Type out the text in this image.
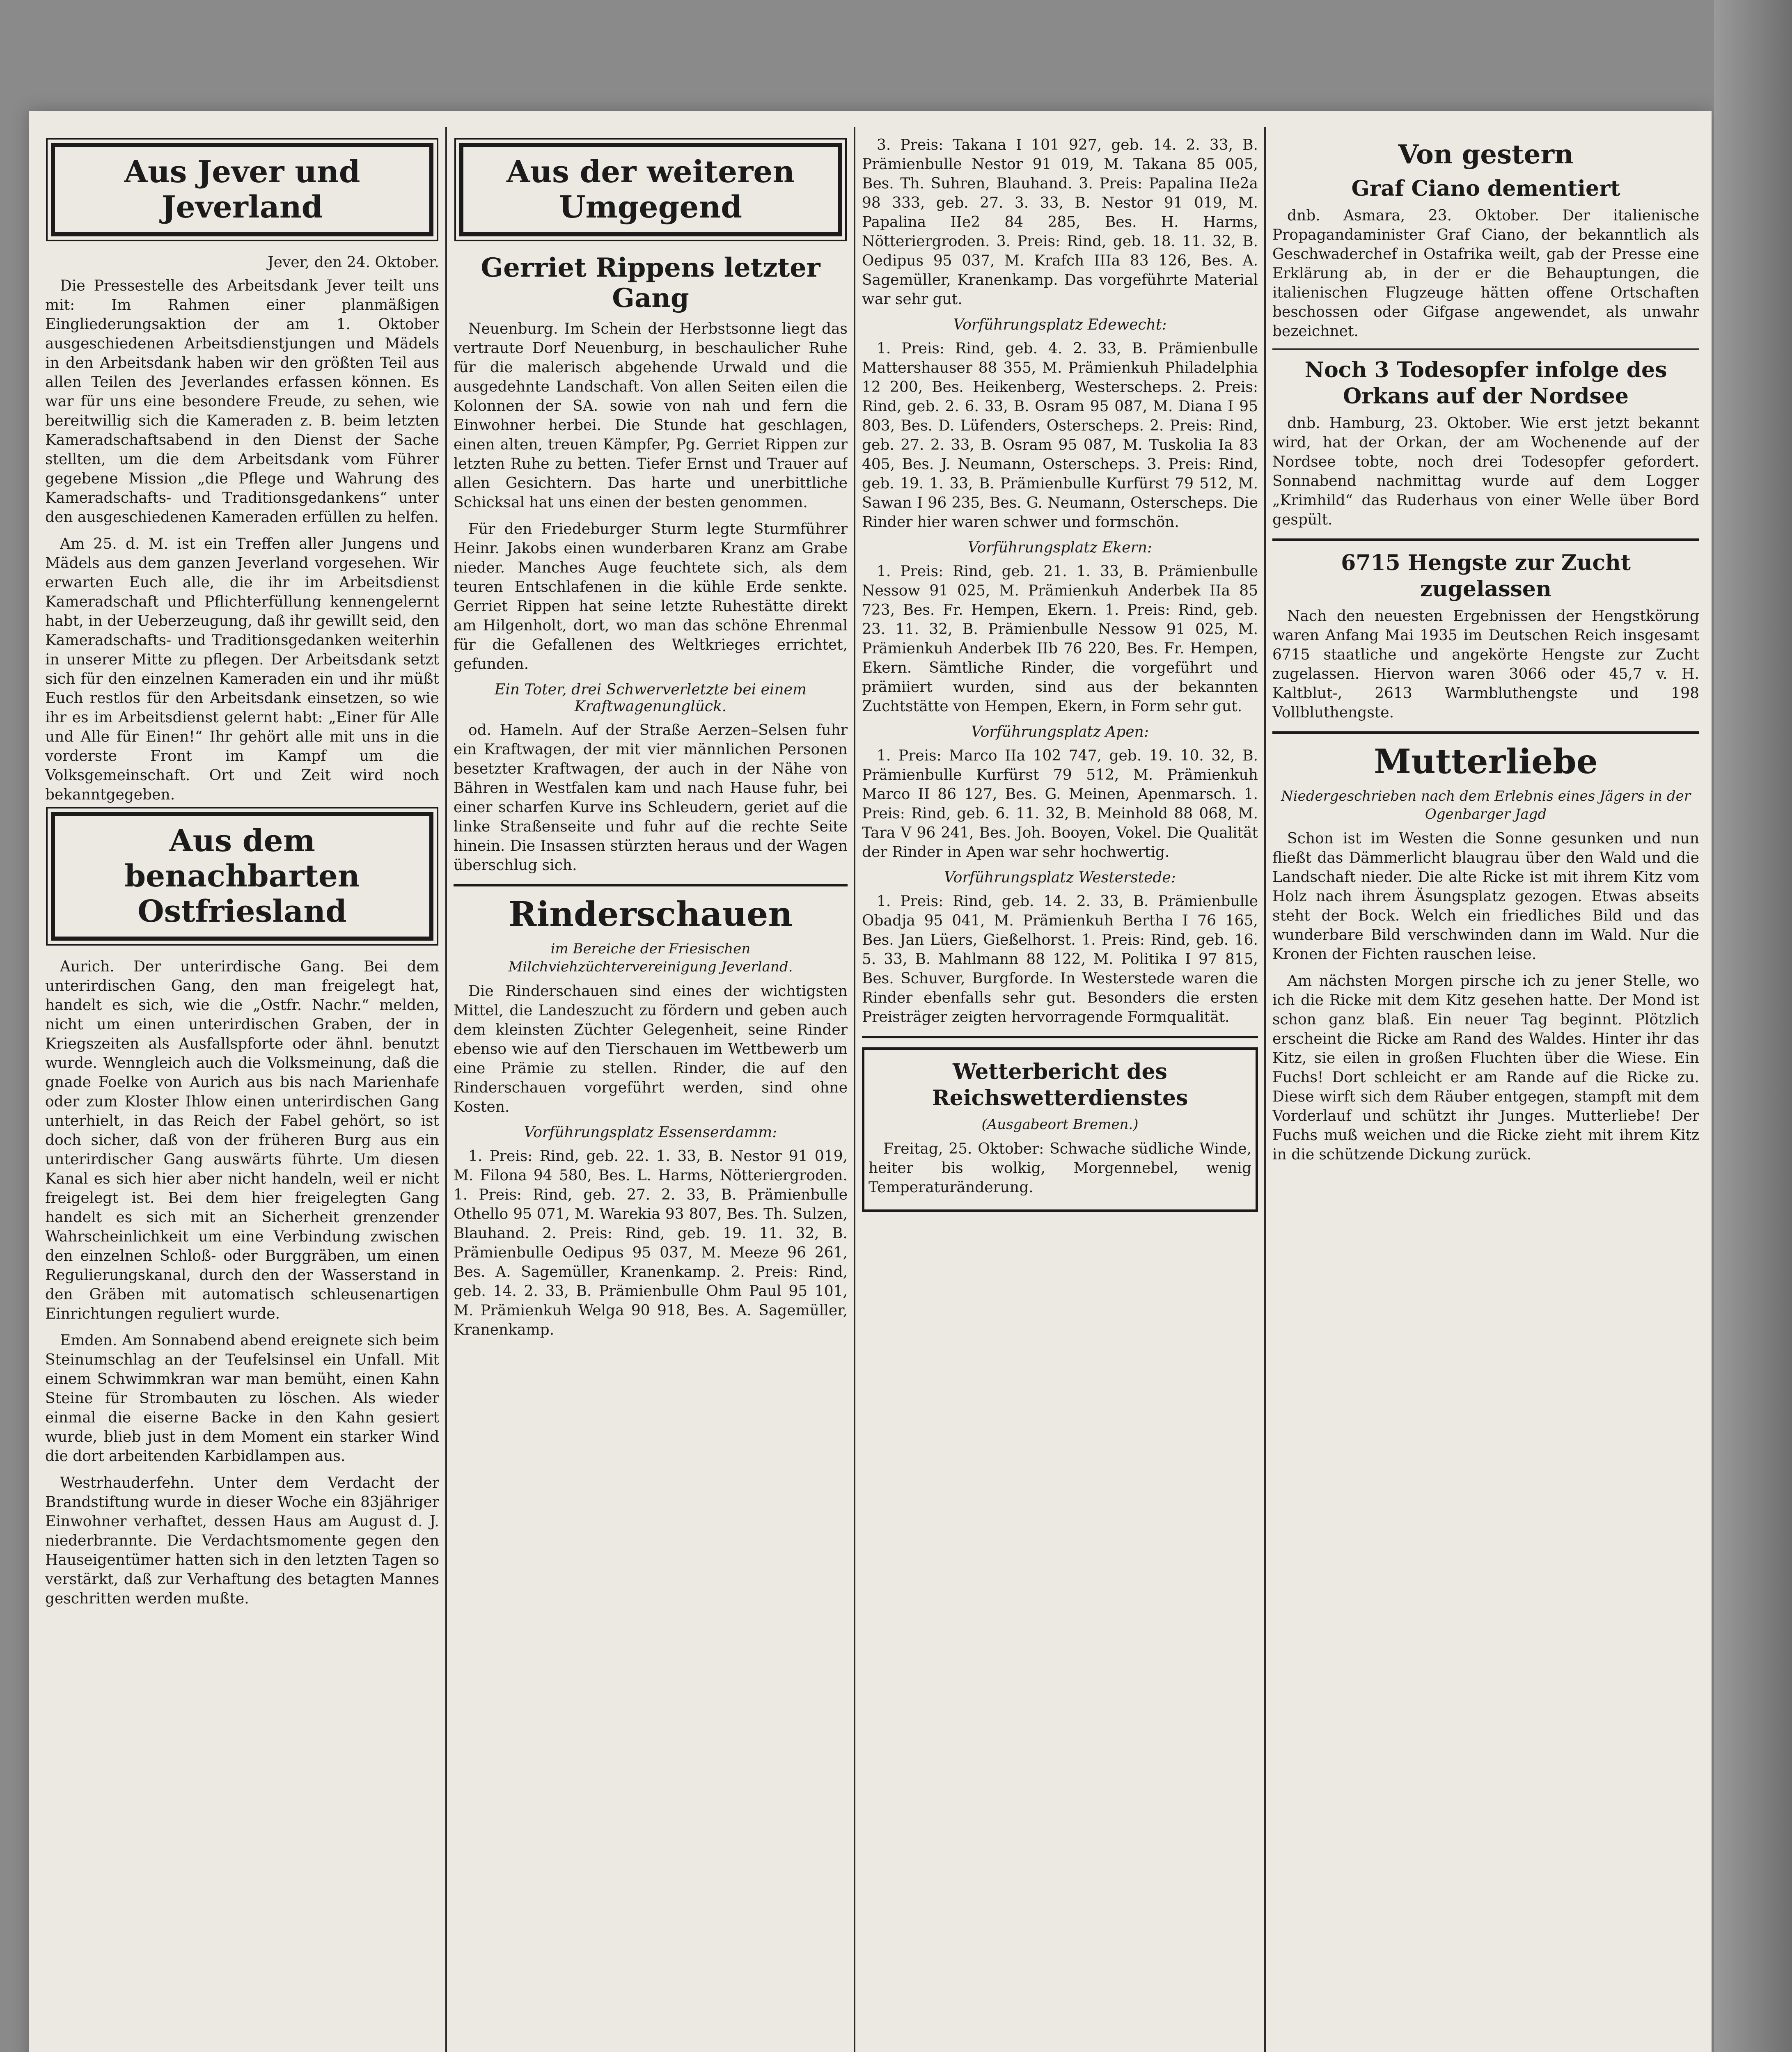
Aus Jever und Jeverland
Jever, den 24. Oktober.

Die Pressestelle des Arbeitsdank Jever teilt uns mit: Im Rahmen einer planmäßigen Eingliederungsaktion der am 1. Oktober ausgeschiedenen Arbeitsdienstjungen und Mädels in den Arbeitsdank haben wir den größten Teil aus allen Teilen des Jeverlandes erfassen können. Es war für uns eine besondere Freude, zu sehen, wie bereitwillig sich die Kameraden z. B. beim letzten Kameradschaftsabend in den Dienst der Sache stellten, um die dem Arbeitsdank vom Führer gegebene Mission „die Pflege und Wahrung des Kameradschafts- und Traditionsgedankens“ unter den ausgeschiedenen Kameraden erfüllen zu helfen.

Am 25. d. M. ist ein Treffen aller Jungens und Mädels aus dem ganzen Jeverland vorgesehen. Wir erwarten Euch alle, die ihr im Arbeitsdienst Kameradschaft und Pflichterfüllung kennengelernt habt, in der Ueberzeugung, daß ihr gewillt seid, den Kameradschafts- und Traditionsgedanken weiterhin in unserer Mitte zu pflegen. Der Arbeitsdank setzt sich für den einzelnen Kameraden ein und ihr müßt Euch restlos für den Arbeitsdank einsetzen, so wie ihr es im Arbeitsdienst gelernt habt: „Einer für Alle und Alle für Einen!“ Ihr gehört alle mit uns in die vorderste Front im Kampf um die Volksgemeinschaft. Ort und Zeit wird noch bekanntgegeben.

Aus dem benachbarten Ostfriesland

Aurich. Der unterirdische Gang. Bei dem unterirdischen Gang, den man freigelegt hat, handelt es sich, wie die „Ostfr. Nachr.“ melden, nicht um einen unterirdischen Graben, der in Kriegszeiten als Ausfallspforte oder ähnl. benutzt wurde. Wenngleich auch die Volksmeinung, daß die gnade Foelke von Aurich aus bis nach Marienhafe oder zum Kloster Ihlow einen unterirdischen Gang unterhielt, in das Reich der Fabel gehört, so ist doch sicher, daß von der früheren Burg aus ein unterirdischer Gang auswärts führte. Um diesen Kanal es sich hier aber nicht handeln, weil er nicht freigelegt ist. Bei dem hier freigelegten Gang handelt es sich mit an Sicherheit grenzender Wahrscheinlichkeit um eine Verbindung zwischen den einzelnen Schloß- oder Burggräben, um einen Regulierungskanal, durch den der Wasserstand in den Gräben mit automatisch schleusenartigen Einrichtungen reguliert wurde.

Emden. Am Sonnabend abend ereignete sich beim Steinumschlag an der Teufelsinsel ein Unfall. Mit einem Schwimmkran war man bemüht, einen Kahn Steine für Strombauten zu löschen. Als wieder einmal die eiserne Backe in den Kahn gesiert wurde, blieb just in dem Moment ein starker Wind die dort arbeitenden Karbidlampen aus.

Westrhauderfehn. Unter dem Verdacht der Brandstiftung wurde in dieser Woche ein 83jähriger Einwohner verhaftet, dessen Haus am August d. J. niederbrannte. Die Verdachtsmomente gegen den Hauseigentümer hatten sich in den letzten Tagen so verstärkt, daß zur Verhaftung des betagten Mannes geschritten werden mußte.

Aus der weiteren Umgegend
Gerriet Rippens letzter Gang

Neuenburg. Im Schein der Herbstsonne liegt das vertraute Dorf Neuenburg, in beschaulicher Ruhe für die malerisch abgehende Urwald und die ausgedehnte Landschaft. Von allen Seiten eilen die Kolonnen der SA. sowie von nah und fern die Einwohner herbei. Die Stunde hat geschlagen, einen alten, treuen Kämpfer, Pg. Gerriet Rippen zur letzten Ruhe zu betten. Tiefer Ernst und Trauer auf allen Gesichtern. Das harte und unerbittliche Schicksal hat uns einen der besten genommen.

Für den Friedeburger Sturm legte Sturmführer Heinr. Jakobs einen wunderbaren Kranz am Grabe nieder. Manches Auge feuchtete sich, als dem teuren Entschlafenen in die kühle Erde senkte. Gerriet Rippen hat seine letzte Ruhestätte direkt am Hilgenholt, dort, wo man das schöne Ehrenmal für die Gefallenen des Weltkrieges errichtet, gefunden.

Ein Toter, drei Schwerverletzte bei einem Kraftwagenunglück.

od. Hameln. Auf der Straße Aerzen–Selsen fuhr ein Kraftwagen, der mit vier männlichen Personen besetzter Kraftwagen, der auch in der Nähe von Bähren in Westfalen kam und nach Hause fuhr, bei einer scharfen Kurve ins Schleudern, geriet auf die linke Straßenseite und fuhr auf die rechte Seite hinein. Die Insassen stürzten heraus und der Wagen überschlug sich.

Rinderschauen
im Bereiche der Friesischen Milchviehzüchtervereinigung Jeverland.

Die Rinderschauen sind eines der wichtigsten Mittel, die Landeszucht zu fördern und geben auch dem kleinsten Züchter Gelegenheit, seine Rinder ebenso wie auf den Tierschauen im Wettbewerb um eine Prämie zu stellen. Rinder, die auf den Rinderschauen vorgeführt werden, sind ohne Kosten.

Vorführungsplatz Essenserdamm:

1. Preis: Rind, geb. 22. 1. 33, B. Nestor 91 019, M. Filona 94 580, Bes. L. Harms, Nötteriergroden. 1. Preis: Rind, geb. 27. 2. 33, B. Prämienbulle Othello 95 071, M. Warekia 93 807, Bes. Th. Sulzen, Blauhand. 2. Preis: Rind, geb. 19. 11. 32, B. Prämienbulle Oedipus 95 037, M. Meeze 96 261, Bes. A. Sagemüller, Kranenkamp. 2. Preis: Rind, geb. 14. 2. 33, B. Prämienbulle Ohm Paul 95 101, M. Prämienkuh Welga 90 918, Bes. A. Sagemüller, Kranenkamp.

3. Preis: Takana I 101 927, geb. 14. 2. 33, B. Prämienbulle Nestor 91 019, M. Takana 85 005, Bes. Th. Suhren, Blauhand. 3. Preis: Papalina IIe2a 98 333, geb. 27. 3. 33, B. Nestor 91 019, M. Papalina IIe2 84 285, Bes. H. Harms, Nötteriergroden. 3. Preis: Rind, geb. 18. 11. 32, B. Oedipus 95 037, M. Krafch IIIa 83 126, Bes. A. Sagemüller, Kranenkamp. Das vorgeführte Material war sehr gut.

Vorführungsplatz Edewecht:

1. Preis: Rind, geb. 4. 2. 33, B. Prämienbulle Mattershauser 88 355, M. Prämienkuh Philadelphia 12 200, Bes. Heikenberg, Westerscheps. 2. Preis: Rind, geb. 2. 6. 33, B. Osram 95 087, M. Diana I 95 803, Bes. D. Lüfenders, Osterscheps. 2. Preis: Rind, geb. 27. 2. 33, B. Osram 95 087, M. Tuskolia Ia 83 405, Bes. J. Neumann, Osterscheps. 3. Preis: Rind, geb. 19. 1. 33, B. Prämienbulle Kurfürst 79 512, M. Sawan I 96 235, Bes. G. Neumann, Osterscheps. Die Rinder hier waren schwer und formschön.

Vorführungsplatz Ekern:

1. Preis: Rind, geb. 21. 1. 33, B. Prämienbulle Nessow 91 025, M. Prämienkuh Anderbek IIa 85 723, Bes. Fr. Hempen, Ekern. 1. Preis: Rind, geb. 23. 11. 32, B. Prämienbulle Nessow 91 025, M. Prämienkuh Anderbek IIb 76 220, Bes. Fr. Hempen, Ekern. Sämtliche Rinder, die vorgeführt und prämiiert wurden, sind aus der bekannten Zuchtstätte von Hempen, Ekern, in Form sehr gut.

Vorführungsplatz Apen:

1. Preis: Marco IIa 102 747, geb. 19. 10. 32, B. Prämienbulle Kurfürst 79 512, M. Prämienkuh Marco II 86 127, Bes. G. Meinen, Apenmarsch. 1. Preis: Rind, geb. 6. 11. 32, B. Meinhold 88 068, M. Tara V 96 241, Bes. Joh. Booyen, Vokel. Die Qualität der Rinder in Apen war sehr hochwertig.

Vorführungsplatz Westerstede:

1. Preis: Rind, geb. 14. 2. 33, B. Prämienbulle Obadja 95 041, M. Prämienkuh Bertha I 76 165, Bes. Jan Lüers, Gießelhorst. 1. Preis: Rind, geb. 16. 5. 33, B. Mahlmann 88 122, M. Politika I 97 815, Bes. Schuver, Burgforde. In Westerstede waren die Rinder ebenfalls sehr gut. Besonders die ersten Preisträger zeigten hervorragende Formqualität.

Wetterbericht des Reichswetterdienstes
(Ausgabeort Bremen.)

Freitag, 25. Oktober: Schwache südliche Winde, heiter bis wolkig, Morgennebel, wenig Temperaturänderung.

Von gestern
Graf Ciano dementiert

dnb. Asmara, 23. Oktober. Der italienische Propagandaminister Graf Ciano, der bekanntlich als Geschwaderchef in Ostafrika weilt, gab der Presse eine Erklärung ab, in der er die Behauptungen, die italienischen Flugzeuge hätten offene Ortschaften beschossen oder Gifgase angewendet, als unwahr bezeichnet.

Noch 3 Todesopfer infolge des Orkans auf der Nordsee

dnb. Hamburg, 23. Oktober. Wie erst jetzt bekannt wird, hat der Orkan, der am Wochenende auf der Nordsee tobte, noch drei Todesopfer gefordert. Sonnabend nachmittag wurde auf dem Logger „Krimhild“ das Ruderhaus von einer Welle über Bord gespült.

6715 Hengste zur Zucht zugelassen

Nach den neuesten Ergebnissen der Hengstkörung waren Anfang Mai 1935 im Deutschen Reich insgesamt 6715 staatliche und angekörte Hengste zur Zucht zugelassen. Hiervon waren 3066 oder 45,7 v. H. Kaltblut-, 2613 Warmbluthengste und 198 Vollbluthengste.

Mutterliebe
Niedergeschrieben nach dem Erlebnis eines Jägers in der Ogenbarger Jagd

Schon ist im Westen die Sonne gesunken und nun fließt das Dämmerlicht blaugrau über den Wald und die Landschaft nieder. Die alte Ricke ist mit ihrem Kitz vom Holz nach ihrem Äsungsplatz gezogen. Etwas abseits steht der Bock. Welch ein friedliches Bild und das wunderbare Bild verschwinden dann im Wald. Nur die Kronen der Fichten rauschen leise.

Am nächsten Morgen pirsche ich zu jener Stelle, wo ich die Ricke mit dem Kitz gesehen hatte. Der Mond ist schon ganz blaß. Ein neuer Tag beginnt. Plötzlich erscheint die Ricke am Rand des Waldes. Hinter ihr das Kitz, sie eilen in großen Fluchten über die Wiese. Ein Fuchs! Dort schleicht er am Rande auf die Ricke zu. Diese wirft sich dem Räuber entgegen, stampft mit dem Vorderlauf und schützt ihr Junges. Mutterliebe! Der Fuchs muß weichen und die Ricke zieht mit ihrem Kitz in die schützende Dickung zurück.
